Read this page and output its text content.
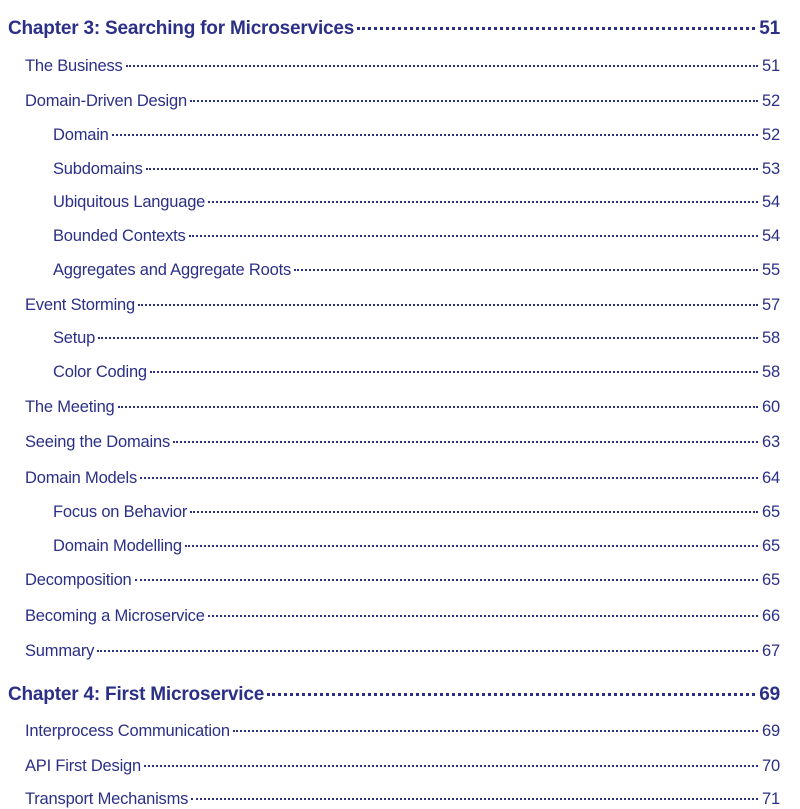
Chapter 3: Searching for Microservices	51
The Business	51
Domain-Driven Design	52
Domain	52
Subdomains	53
Ubiquitous Language	54
Bounded Contexts	54
Aggregates and Aggregate Roots	55
Event Storming	57
Setup	58
Color Coding	58
The Meeting	60
Seeing the Domains	63
Domain Models	64
Focus on Behavior	65
Domain Modelling	65
Decomposition	65
Becoming a Microservice	66
Summary	67
Chapter 4: First Microservice	69
Interprocess Communication	69
API First Design	70
Transport Mechanisms	71
